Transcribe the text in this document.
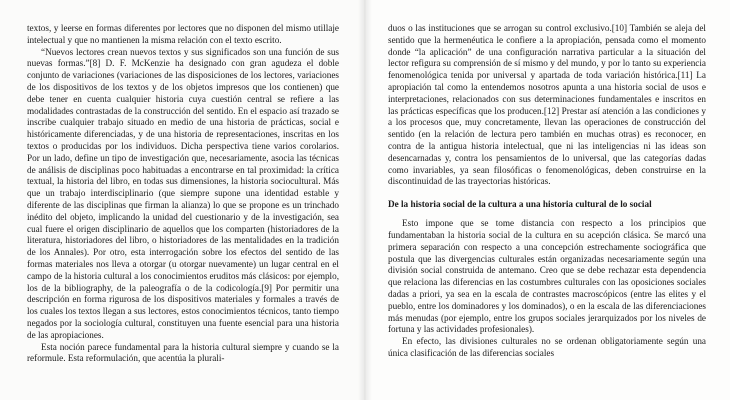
textos, y leerse en formas diferentes por lectores que no disponen del mismo utillaje intelectual y que no mantienen la misma relación con el texto escrito.

“Nuevos lectores crean nuevos textos y sus significados son una función de sus nuevas formas.”[8] D. F. McKenzie ha designado con gran agudeza el doble conjunto de variaciones (variaciones de las disposiciones de los lectores, variaciones de los dispositivos de los textos y de los objetos impresos que los contienen) que debe tener en cuenta cualquier historia cuya cuestión central se refiere a las modalidades contrastadas de la construcción del sentido. En el espacio así trazado se inscribe cualquier trabajo situado en medio de una historia de prácticas, social e históricamente diferenciadas, y de una historia de representaciones, inscritas en los textos o producidas por los individuos. Dicha perspectiva tiene varios corolarios. Por un lado, define un tipo de investigación que, necesariamente, asocia las técnicas de análisis de disciplinas poco habituadas a encontrarse en tal proximidad: la crítica textual, la historia del libro, en todas sus dimensiones, la historia sociocultural. Más que un trabajo interdisciplinario (que siempre supone una identidad estable y diferente de las disciplinas que firman la alianza) lo que se propone es un trinchado inédito del objeto, implicando la unidad del cuestionario y de la investigación, sea cual fuere el origen disciplinario de aquellos que los comparten (historiadores de la literatura, historiadores del libro, o historiadores de las mentalidades en la tradición de los Annales). Por otro, esta interrogación sobre los efectos del sentido de las formas materiales nos lleva a otorgar (u otorgar nuevamente) un lugar central en el campo de la historia cultural a los conocimientos eruditos más clásicos: por ejemplo, los de la bibliography, de la paleografía o de la codicología.[9] Por permitir una descripción en forma rigurosa de los dispositivos materiales y formales a través de los cuales los textos llegan a sus lectores, estos conocimientos técnicos, tanto tiempo negados por la sociología cultural, constituyen una fuente esencial para una historia de las apropiaciones.

Esta noción parece fundamental para la historia cultural siempre y cuando se la reformule. Esta reformulación, que acentúa la plurali-

duos o las instituciones que se arrogan su control exclusivo.[10] También se aleja del sentido que la hermenéutica le confiere a la apropiación, pensada como el momento donde “la aplicación” de una configuración narrativa particular a la situación del lector refigura su comprensión de sí mismo y del mundo, y por lo tanto su experiencia fenomenológica tenida por universal y apartada de toda variación histórica.[11] La apropiación tal como la entendemos nosotros apunta a una historia social de usos e interpretaciones, relacionados con sus determinaciones fundamentales e inscritos en las prácticas específicas que los producen.[12] Prestar así atención a las condiciones y a los procesos que, muy concretamente, llevan las operaciones de construcción del sentido (en la relación de lectura pero también en muchas otras) es reconocer, en contra de la antigua historia intelectual, que ni las inteligencias ni las ideas son desencarnadas y, contra los pensamientos de lo universal, que las categorías dadas como invariables, ya sean filosóficas o fenomenológicas, deben construirse en la discontinuidad de las trayectorias históricas.

De la historia social de la cultura a una historia cultural de lo social

Esto impone que se tome distancia con respecto a los principios que fundamentaban la historia social de la cultura en su acepción clásica. Se marcó una primera separación con respecto a una concepción estrechamente sociográfica que postula que las divergencias culturales están organizadas necesariamente según una división social construida de antemano. Creo que se debe rechazar esta dependencia que relaciona las diferencias en las costumbres culturales con las oposiciones sociales dadas a priori, ya sea en la escala de contrastes macroscópicos (entre las elites y el pueblo, entre los dominadores y los dominados), o en la escala de las diferenciaciones más menudas (por ejemplo, entre los grupos sociales jerarquizados por los niveles de fortuna y las actividades profesionales).

En efecto, las divisiones culturales no se ordenan obligatoriamente según una única clasificación de las diferencias sociales
